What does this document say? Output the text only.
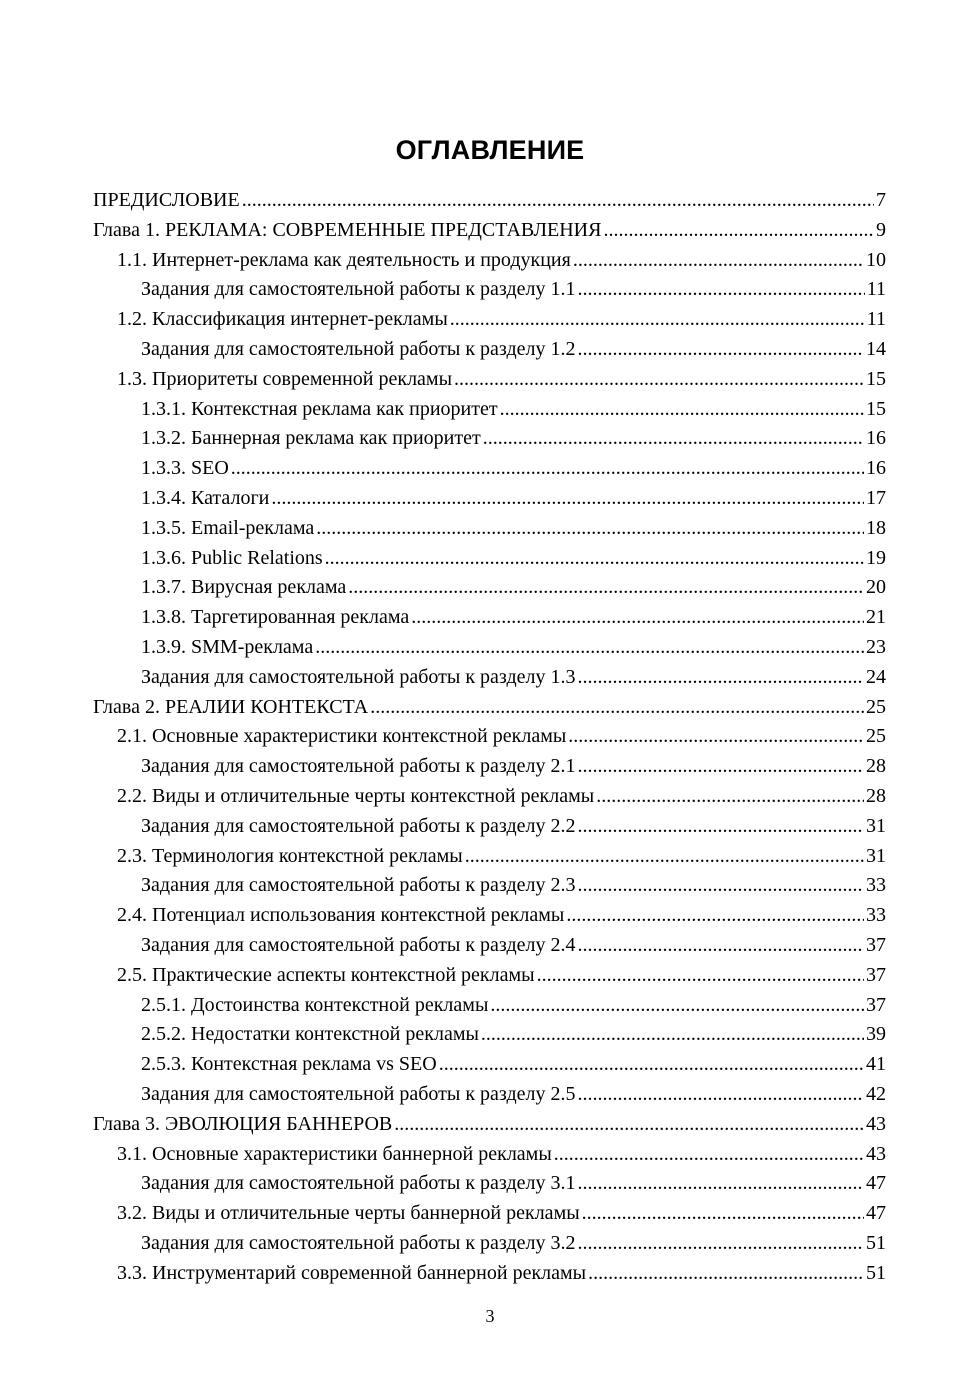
ОГЛАВЛЕНИЕ
ПРЕДИСЛОВИЕ .....	7
Глава 1. РЕКЛАМА: СОВРЕМЕННЫЕ ПРЕДСТАВЛЕНИЯ .....	9
1.1. Интернет-реклама как деятельность и продукция .....	10
Задания для самостоятельной работы к разделу 1.1 .....	11
1.2. Классификация интернет-рекламы .....	11
Задания для самостоятельной работы к разделу 1.2 .....	14
1.3. Приоритеты современной рекламы .....	15
1.3.1. Контекстная реклама как приоритет .....	15
1.3.2. Баннерная реклама как приоритет .....	16
1.3.3. SEO .....	16
1.3.4. Каталоги .....	17
1.3.5. Email-реклама .....	18
1.3.6. Public Relations .....	19
1.3.7. Вирусная реклама .....	20
1.3.8. Таргетированная реклама .....	21
1.3.9. SMM-реклама .....	23
Задания для самостоятельной работы к разделу 1.3 .....	24
Глава 2. РЕАЛИИ КОНТЕКСТА .....	25
2.1. Основные характеристики контекстной рекламы .....	25
Задания для самостоятельной работы к разделу 2.1 .....	28
2.2. Виды и отличительные черты контекстной рекламы .....	28
Задания для самостоятельной работы к разделу 2.2 .....	31
2.3. Терминология контекстной рекламы .....	31
Задания для самостоятельной работы к разделу 2.3 .....	33
2.4. Потенциал использования контекстной рекламы .....	33
Задания для самостоятельной работы к разделу 2.4 .....	37
2.5. Практические аспекты контекстной рекламы .....	37
2.5.1. Достоинства контекстной рекламы .....	37
2.5.2. Недостатки контекстной рекламы .....	39
2.5.3. Контекстная реклама vs SEO .....	41
Задания для самостоятельной работы к разделу 2.5 .....	42
Глава 3. ЭВОЛЮЦИЯ БАННЕРОВ .....	43
3.1. Основные характеристики баннерной рекламы .....	43
Задания для самостоятельной работы к разделу 3.1 .....	47
3.2. Виды и отличительные черты баннерной рекламы .....	47
Задания для самостоятельной работы к разделу 3.2 .....	51
3.3. Инструментарий современной баннерной рекламы .....	51
3
